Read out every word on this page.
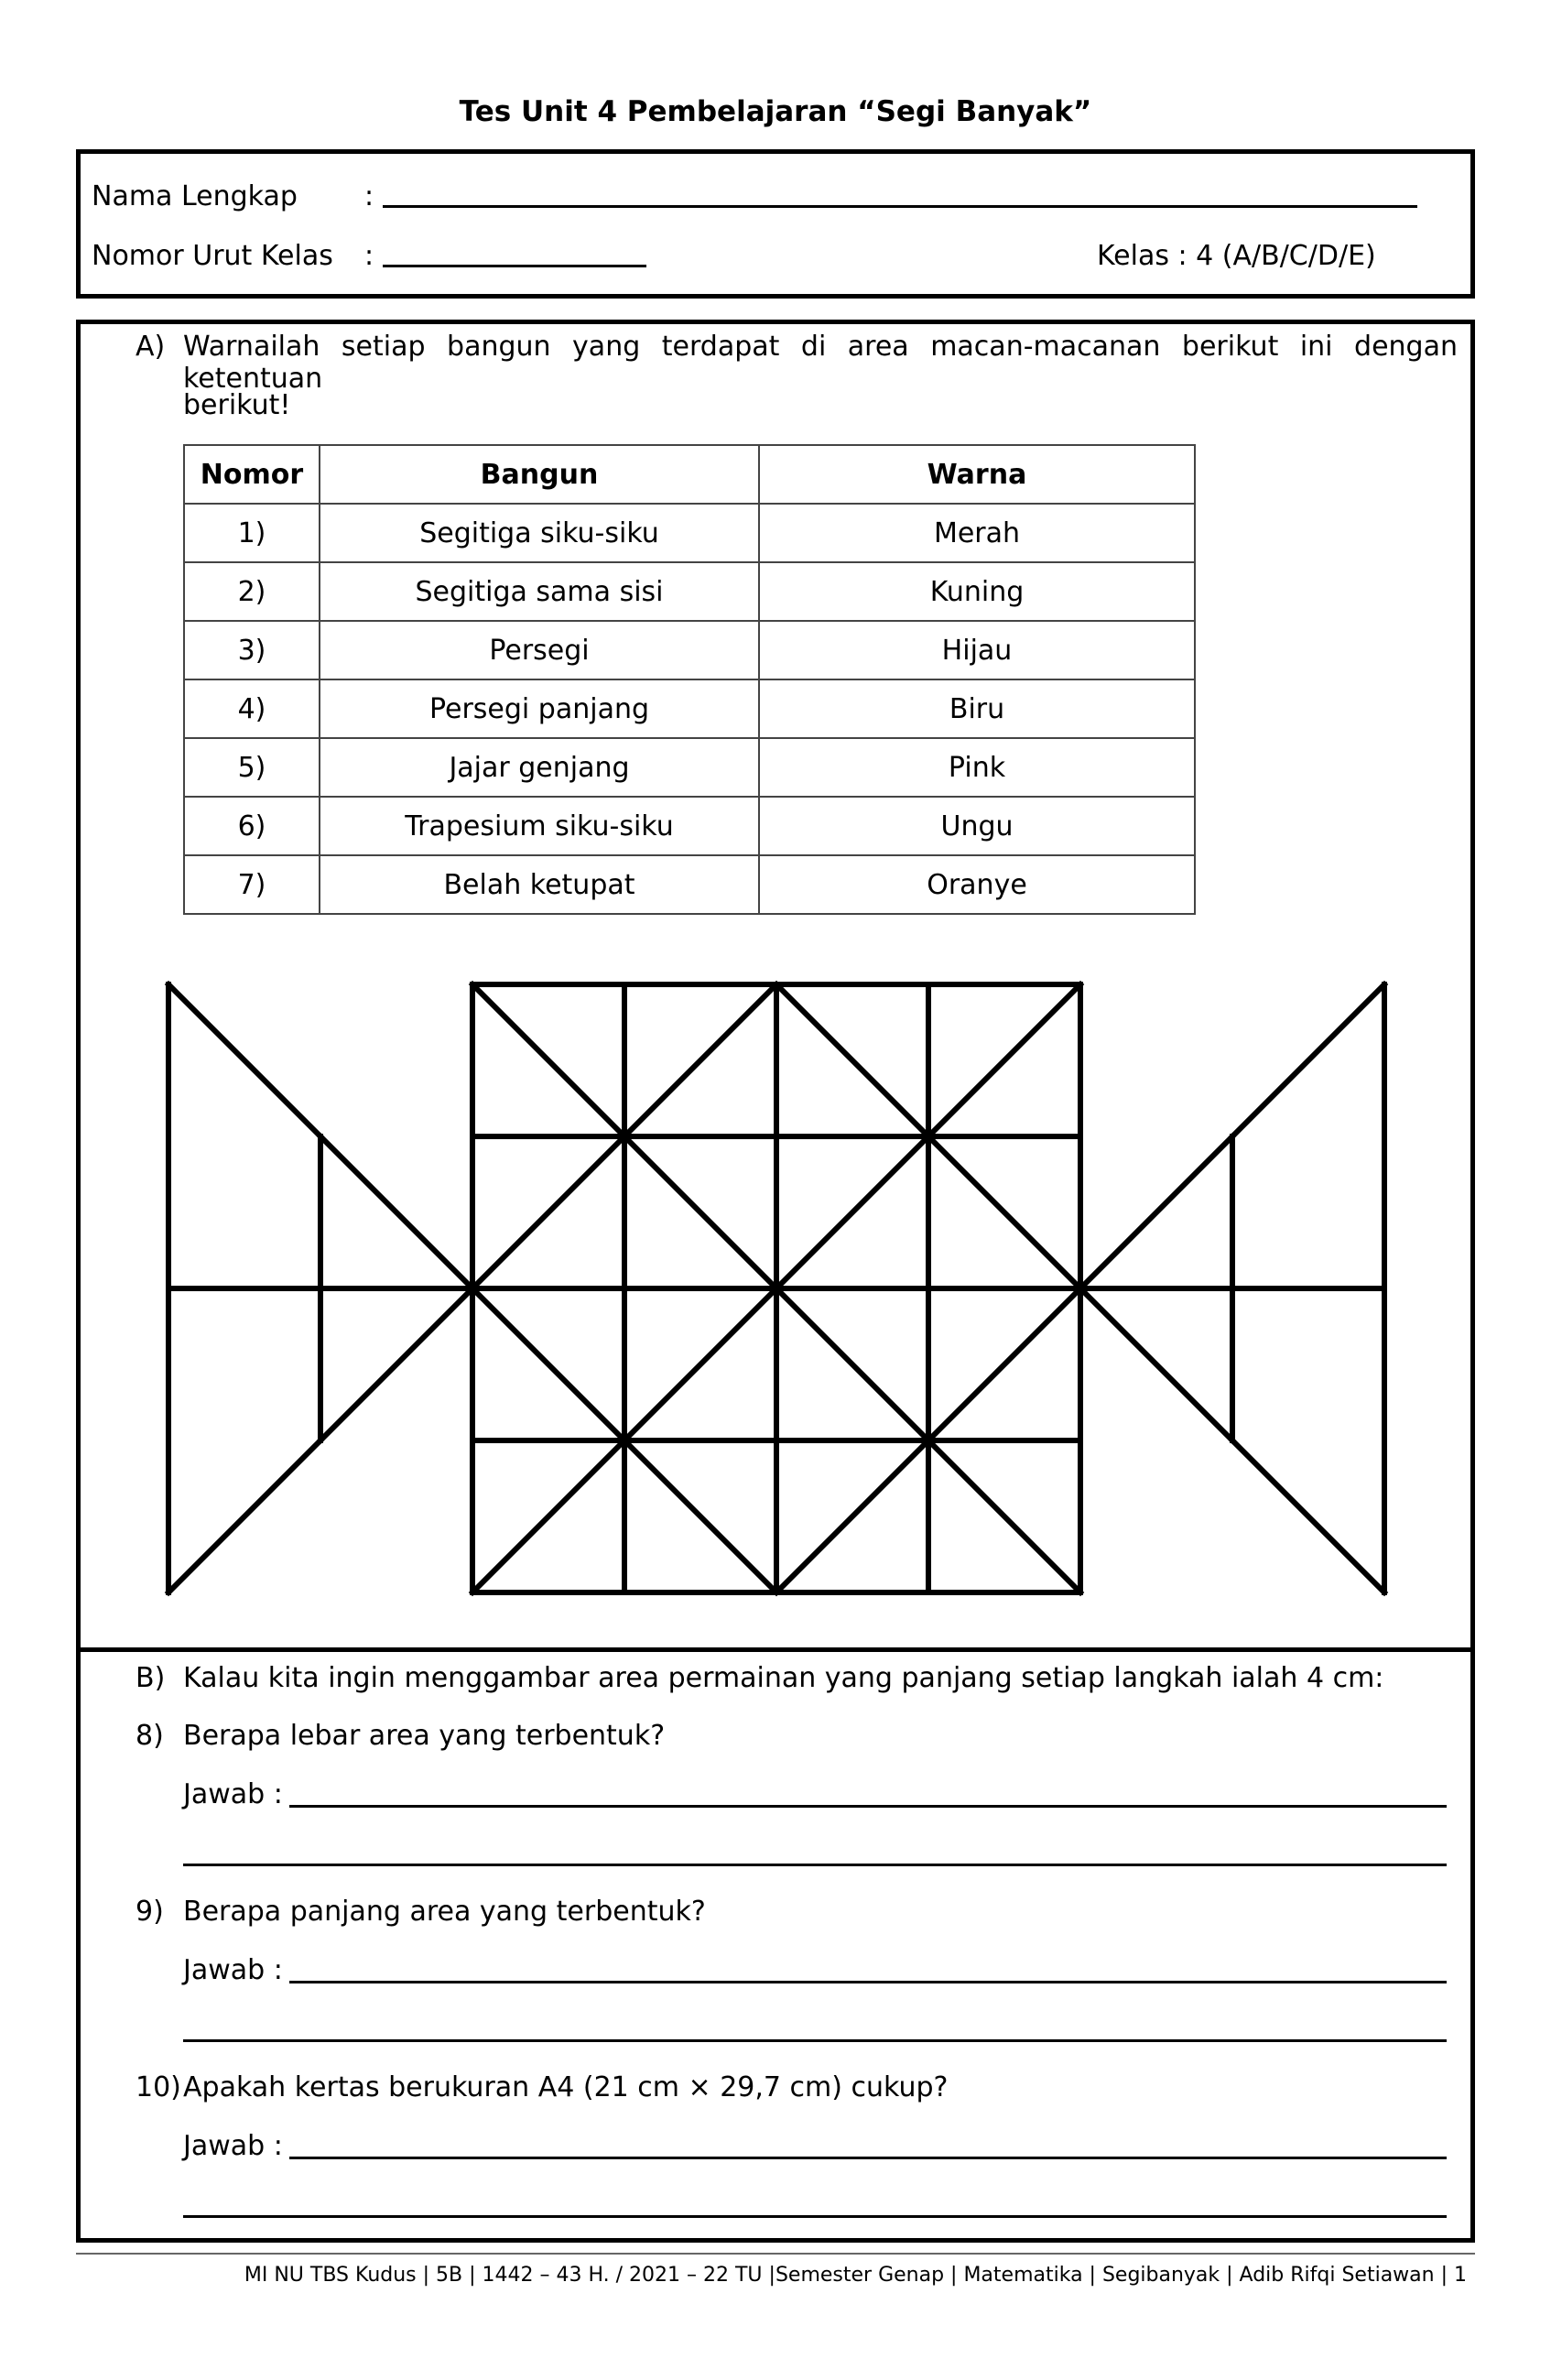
Tes Unit 4 Pembelajaran “Segi Banyak”
Nama Lengkap :
Nomor Urut Kelas :	Kelas : 4 (A/B/C/D/E)
A) Warnailah setiap bangun yang terdapat di area macan-macanan berikut ini dengan ketentuan
berikut!
Nomor	Bangun	Warna
1)	Segitiga siku-siku	Merah
2)	Segitiga sama sisi	Kuning
3)	Persegi	Hijau
4)	Persegi panjang	Biru
5)	Jajar genjang	Pink
6)	Trapesium siku-siku	Ungu
7)	Belah ketupat	Oranye
B) Kalau kita ingin menggambar area permainan yang panjang setiap langkah ialah 4 cm:
8) Berapa lebar area yang terbentuk?
Jawab :
9) Berapa panjang area yang terbentuk?
Jawab :
10) Apakah kertas berukuran A4 (21 cm × 29,7 cm) cukup?
Jawab :
MI NU TBS Kudus | 5B | 1442 – 43 H. / 2021 – 22 TU |Semester Genap | Matematika | Segibanyak | Adib Rifqi Setiawan | 1
